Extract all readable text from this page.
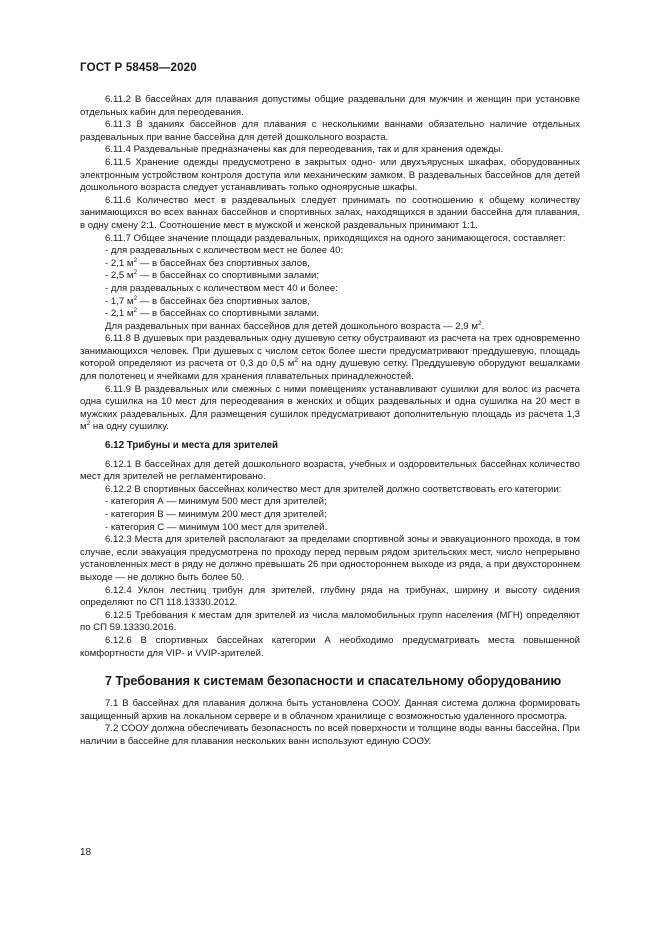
ГОСТ Р 58458—2020

6.11.2 В бассейнах для плавания допустимы общие раздевальни для мужчин и женщин при установке отдельных кабин для переодевания.

6.11.3 В зданиях бассейнов для плавания с несколькими ваннами обязательно наличие отдельных раздевальных при ванне бассейна для детей дошкольного возраста.

6.11.4 Раздевальные предназначены как для переодевания, так и для хранения одежды.

6.11.5 Хранение одежды предусмотрено в закрытых одно- или двухъярусных шкафах, оборудованных электронным устройством контроля доступа или механическим замком. В раздевальных бассейнов для детей дошкольного возраста следует устанавливать только одноярусные шкафы.

6.11.6 Количество мест в раздевальных следует принимать по соотношению к общему количеству занимающихся во всех ваннах бассейнов и спортивных залах, находящихся в здании бассейна для плавания, в одну смену 2:1. Соотношение мест в мужской и женской раздевальных принимают 1:1.

6.11.7 Общее значение площади раздевальных, приходящихся на одного занимающегося, составляет:

- для раздевальных с количеством мест не более 40:

- 2,1 $м^2$ — в бассейнах без спортивных залов,

- 2,5 $м^2$ — в бассейнах со спортивными залами;

- для раздевальных с количеством мест 40 и более:

- 1,7 $м^2$ — в бассейнах без спортивных залов,

- 2,1 $м^2$ — в бассейнах со спортивными залами.

Для раздевальных при ваннах бассейнов для детей дошкольного возраста — 2,9 $м^2$.

6.11.8 В душевых при раздевальных одну душевую сетку обустраивают из расчета на трех одновременно занимающихся человек. При душевых с числом сеток более шести предусматривают преддушевую, площадь которой определяют из расчета от 0,3 до 0,5 $м^2$ на одну душевую сетку. Преддушевую оборудуют вешалками для полотенец и ячейками для хранения плавательных принадлежностей.

6.11.9 В раздевальных или смежных с ними помещениях устанавливают сушилки для волос из расчета одна сушилка на 10 мест для переодевания в женских и общих раздевальных и одна сушилка на 20 мест в мужских раздевальных. Для размещения сушилок предусматривают дополнительную площадь из расчета 1,3 $м^2$ на одну сушилку.

6.12 Трибуны и места для зрителей

6.12.1 В бассейнах для детей дошкольного возраста, учебных и оздоровительных бассейнах количество мест для зрителей не регламентировано.

6.12.2 В спортивных бассейнах количество мест для зрителей должно соответствовать его категории:

- категория А — минимум 500 мест для зрителей;

- категория В — минимум 200 мест для зрителей;

- категория С — минимум 100 мест для зрителей.

6.12.3 Места для зрителей располагают за пределами спортивной зоны и эвакуационного прохода, в том случае, если эвакуация предусмотрена по проходу перед первым рядом зрительских мест, число непрерывно установленных мест в ряду не должно превышать 26 при одностороннем выходе из ряда, а при двухстороннем выходе — не должно быть более 50.

6.12.4 Уклон лестниц трибун для зрителей, глубину ряда на трибунах, ширину и высоту сидения определяют по СП 118.13330.2012.

6.12.5 Требования к местам для зрителей из числа маломобильных групп населения (МГН) определяют по СП 59.13330.2016.

6.12.6 В спортивных бассейнах категории А необходимо предусматривать места повышенной комфортности для VIP- и VVIP-зрителей.

7 Требования к системам безопасности и спасательному оборудованию

7.1 В бассейнах для плавания должна быть установлена СООУ. Данная система должна формировать защищенный архив на локальном сервере и в облачном хранилище с возможностью удаленного просмотра.

7.2 СООУ должна обеспечивать безопасность по всей поверхности и толщине воды ванны бассейна. При наличии в бассейне для плавания нескольких ванн используют единую СООУ.

18
